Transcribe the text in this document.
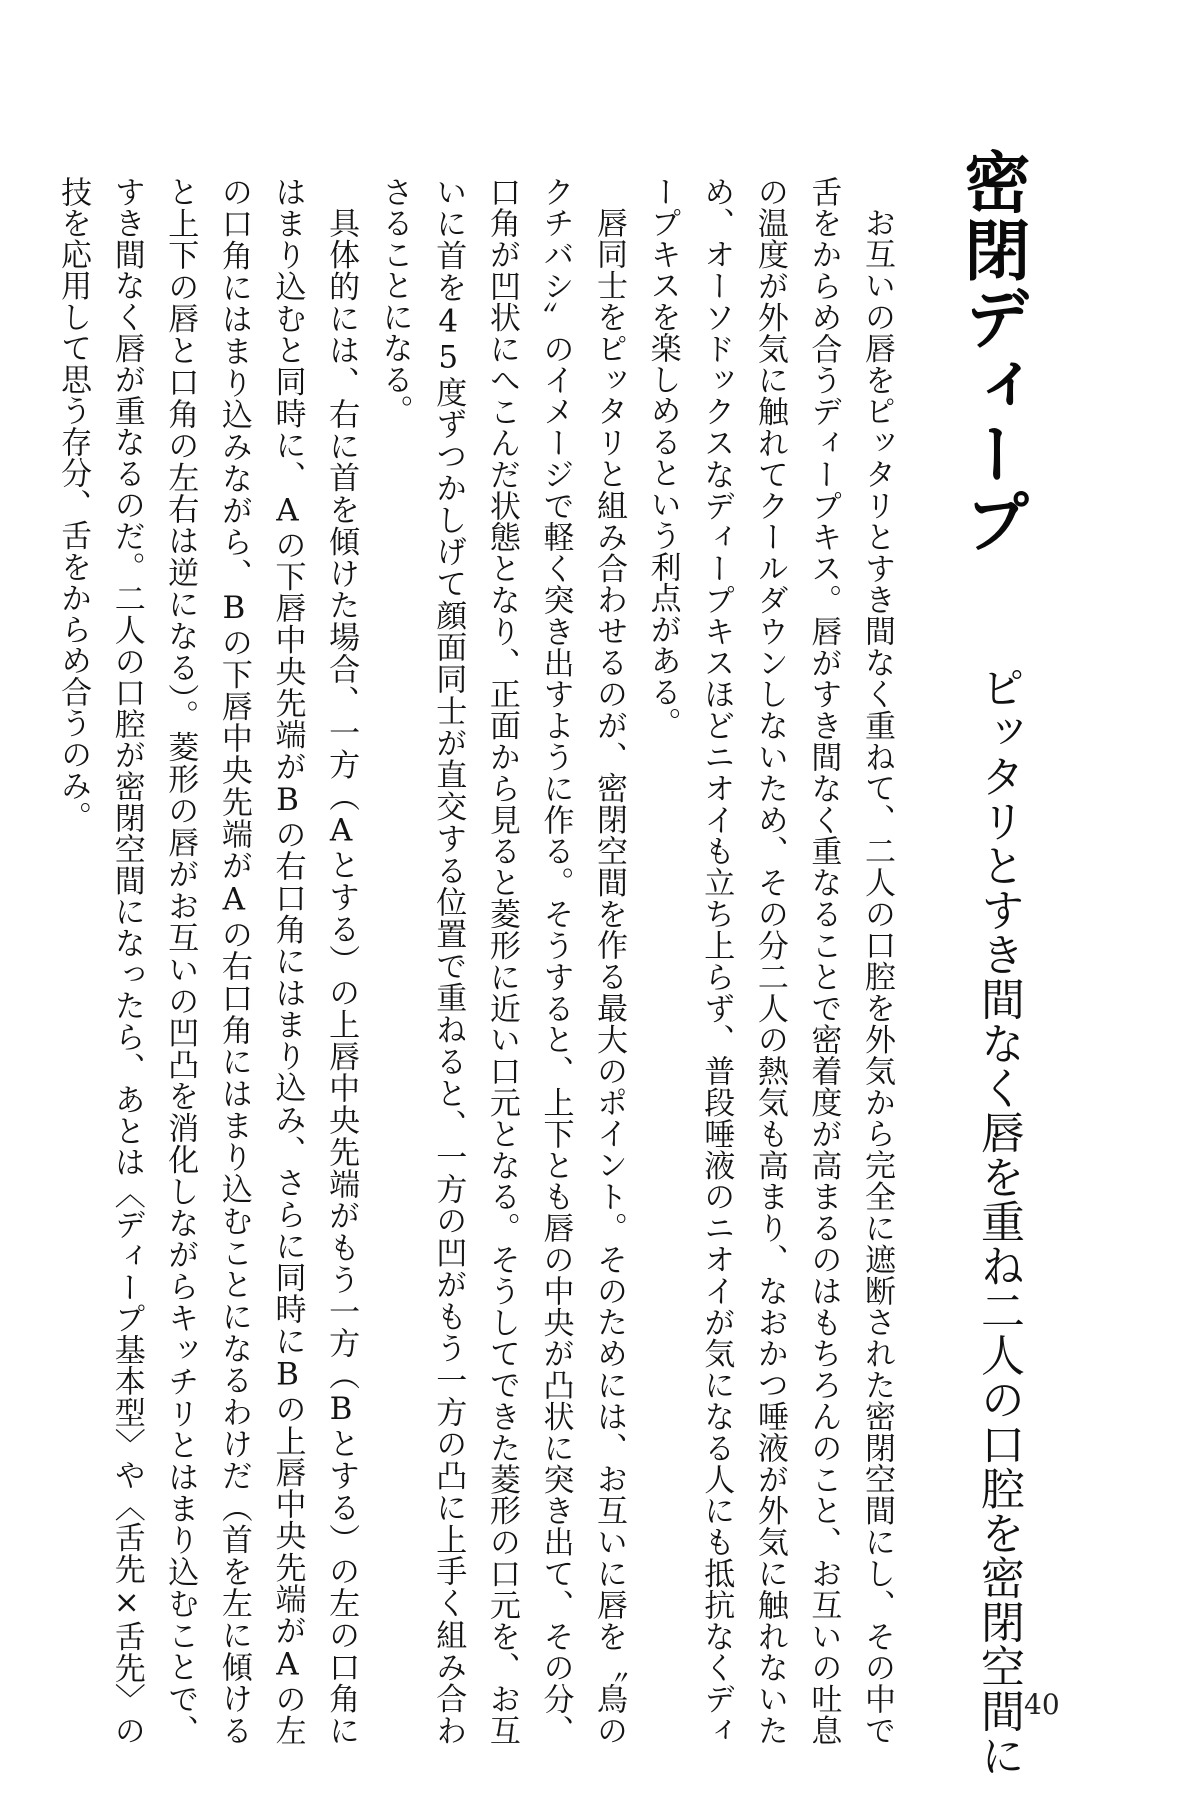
密閉ディープ
ピッタリとすき間なく唇を重ね二人の口腔を密閉空間に

お互いの唇をピッタリとすき間なく重ねて、二人の口腔を外気から完全に遮断された密閉空間にし、その中で舌をからめ合うディープキス。唇がすき間なく重なることで密着度が高まるのはもちろんのこと、お互いの吐息の温度が外気に触れてクールダウンしないため、その分二人の熱気も高まり、なおかつ唾液が外気に触れないため、オーソドックスなディープキスほどニオイも立ち上らず、普段唾液のニオイが気になる人にも抵抗なくディープキスを楽しめるという利点がある。

唇同士をピッタリと組み合わせるのが、密閉空間を作る最大のポイント。そのためには、お互いに唇を〝鳥のクチバシ〟のイメージで軽く突き出すように作る。そうすると、上下とも唇の中央が凸状に突き出て、その分、口角が凹状にへこんだ状態となり、正面から見ると菱形に近い口元となる。そうしてできた菱形の口元を、お互いに首を45度ずつかしげて顔面同士が直交する位置で重ねると、一方の凹がもう一方の凸に上手く組み合わさることになる。

具体的には、右に首を傾けた場合、一方（Aとする）の上唇中央先端がもう一方（Bとする）の左の口角にはまり込むと同時に、Aの下唇中央先端がBの右口角にはまり込み、さらに同時にBの上唇中央先端がAの左の口角にはまり込みながら、Bの下唇中央先端がAの右口角にはまり込むことになるわけだ（首を左に傾けると上下の唇と口角の左右は逆になる）。菱形の唇がお互いの凹凸を消化しながらキッチリとはまり込むことで、すき間なく唇が重なるのだ。二人の口腔が密閉空間になったら、あとは〈ディープ基本型〉や〈舌先×舌先〉の技を応用して思う存分、舌をからめ合うのみ。

40
